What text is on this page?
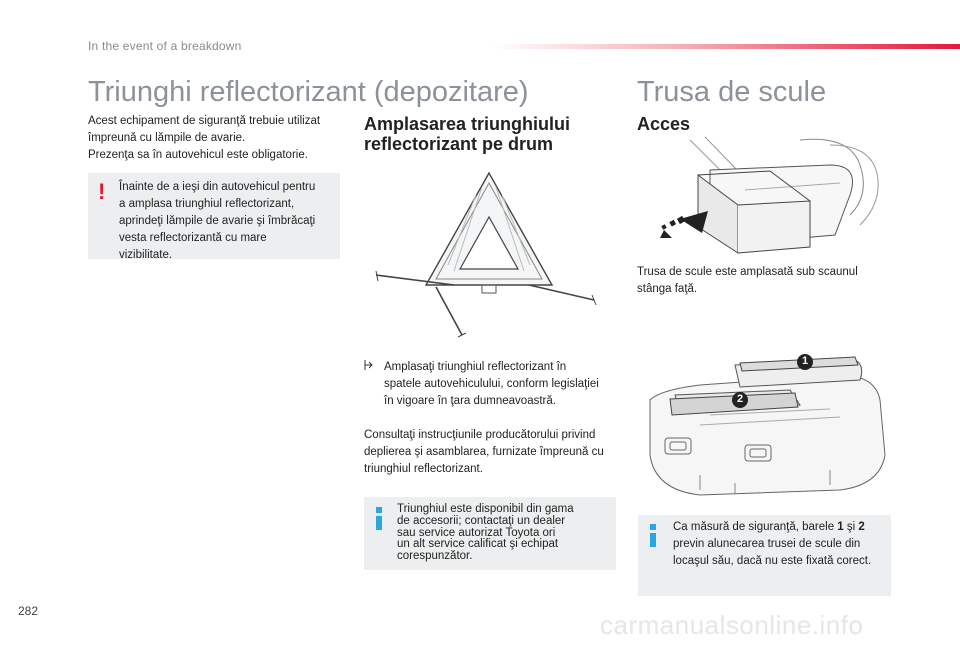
In the event of a breakdown
Triunghi reflectorizant (depozitare)	Trusa de scule
Acest echipament de siguranţă trebuie utilizat
împreună cu lămpile de avarie.
Prezenţa sa în autovehicul este obligatorie.
! Înainte de a ieşi din autovehicul pentru
a amplasa triunghiul reflectorizant,
aprindeţi lămpile de avarie şi îmbrăcaţi
vesta reflectorizantă cu mare
vizibilitate.
Amplasarea triunghiului
reflectorizant pe drum
Amplasaţi triunghiul reflectorizant în
spatele autovehiculului, conform legislaţiei
în vigoare în ţara dumneavoastră.
Consultaţi instrucţiunile producătorului privind
deplierea şi asamblarea, furnizate împreună cu
triunghiul reflectorizant.
Triunghiul este disponibil din gama
de accesorii; contactaţi un dealer
sau service autorizat Toyota ori
un alt service calificat şi echipat
corespunzător.
Acces
Trusa de scule este amplasată sub scaunul
stânga faţă.
1
2
Ca măsură de siguranţă, barele 1 şi 2
previn alunecarea trusei de scule din
locaşul său, dacă nu este fixată corect.
282	carmanualsonline.info
